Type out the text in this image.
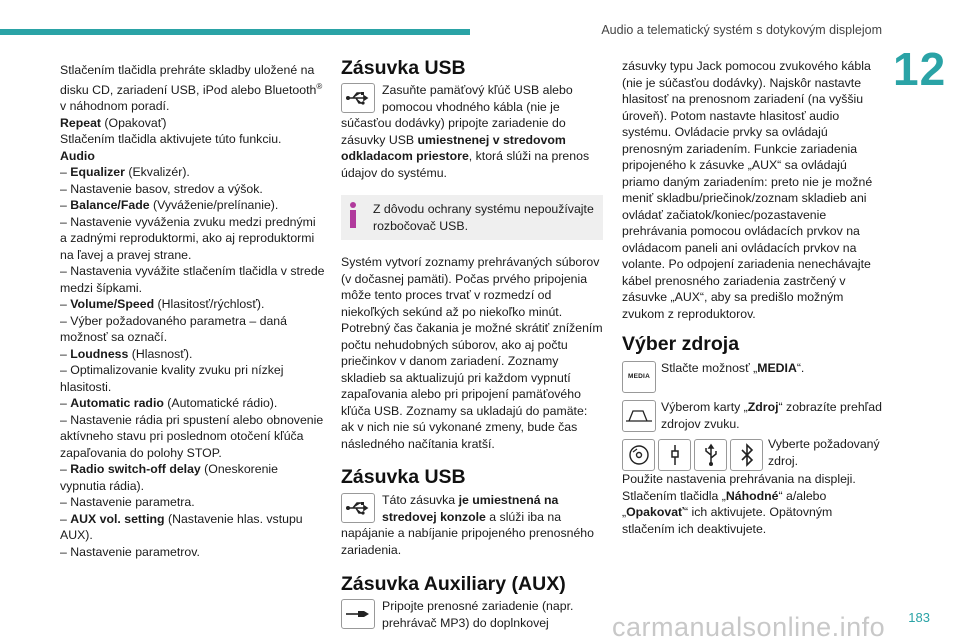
Audio a telematický systém s dotykovým displejom
12

Stlačením tlačidla prehráte skladby uložené na disku CD, zariadení USB, iPod alebo Bluetooth® v náhodnom poradí.

Repeat (Opakovať)

Stlačením tlačidla aktivujete túto funkciu.

Audio

– Equalizer (Ekvalizér).

– Nastavenie basov, stredov a výšok.

– Balance/Fade (Vyváženie/prelínanie).

– Nastavenie vyváženia zvuku medzi prednými a zadnými reproduktormi, ako aj reproduktormi na ľavej a pravej strane.

– Nastavenia vyvážite stlačením tlačidla v strede medzi šípkami.

– Volume/Speed (Hlasitosť/rýchlosť).

– Výber požadovaného parametra – daná možnosť sa označí.

– Loudness (Hlasnosť).

– Optimalizovanie kvality zvuku pri nízkej hlasitosti.

– Automatic radio (Automatické rádio).

– Nastavenie rádia pri spustení alebo obnovenie aktívneho stavu pri poslednom otočení kľúča zapaľovania do polohy STOP.

– Radio switch-off delay (Oneskorenie vypnutia rádia).

– Nastavenie parametra.

– AUX vol. setting (Nastavenie hlas. vstupu AUX).

– Nastavenie parametrov.

Zásuvka USB
Zasuňte pamäťový kľúč USB alebo pomocou vhodného kábla (nie je súčasťou dodávky) pripojte zariadenie do zásuvky USB umiestnenej v stredovom odkladacom priestore, ktorá slúži na prenos údajov do systému.
Z dôvodu ochrany systému nepoužívajte rozbočovač USB.

Systém vytvorí zoznamy prehrávaných súborov (v dočasnej pamäti). Počas prvého pripojenia môže tento proces trvať v rozmedzí od niekoľkých sekúnd až po niekoľko minút. Potrebný čas čakania je možné skrátiť znížením počtu nehudobných súborov, ako aj počtu priečinkov v danom zariadení. Zoznamy skladieb sa aktualizujú pri každom vypnutí zapaľovania alebo pri pripojení pamäťového kľúča USB. Zoznamy sa ukladajú do pamäte: ak v nich nie sú vykonané zmeny, bude čas následného načítania kratší.

Zásuvka USB
Táto zásuvka je umiestnená na stredovej konzole a slúži iba na napájanie a nabíjanie pripojeného prenosného zariadenia.
Zásuvka Auxiliary (AUX)
Pripojte prenosné zariadenie (napr. prehrávač MP3) do doplnkovej

zásuvky typu Jack pomocou zvukového kábla (nie je súčasťou dodávky). Najskôr nastavte hlasitosť na prenosnom zariadení (na vyššiu úroveň). Potom nastavte hlasitosť audio systému. Ovládacie prvky sa ovládajú prenosným zariadením. Funkcie zariadenia pripojeného k zásuvke „AUX“ sa ovládajú priamo daným zariadením: preto nie je možné meniť skladbu/priečinok/zoznam skladieb ani ovládať začiatok/koniec/pozastavenie prehrávania pomocou ovládacích prvkov na ovládacom paneli ani ovládacích prvkov na volante. Po odpojení zariadenia nenechávajte kábel prenosného zariadenia zastrčený v zásuvke „AUX“, aby sa predišlo možným zvukom z reproduktorov.

Výber zdroja
MEDIA

Stlačte možnosť „MEDIA“.

Výberom karty „Zdroj“ zobrazíte prehľad zdrojov zvuku.

Vyberte požadovaný zdroj.

Použite nastavenia prehrávania na displeji.

Stlačením tlačidla „Náhodné“ a/alebo „Opakovať“ ich aktivujete. Opätovným stlačením ich deaktivujete.

carmanualsonline.info 183
